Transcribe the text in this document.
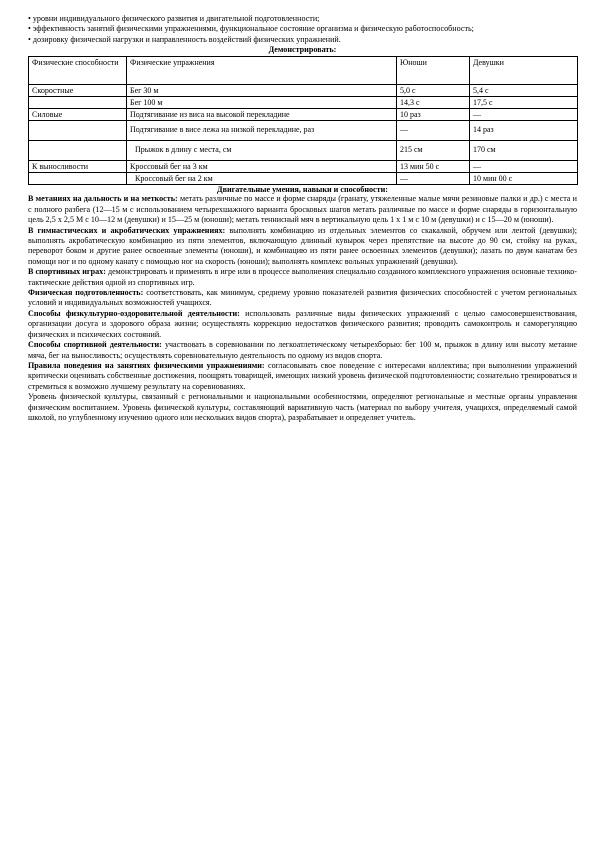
• уровни индивидуального физического развития и двигательной подготовленности;

• эффективность занятий физическими упражнениями, функциональное состояние организма и физическую работоспособность;

• дозировку физической нагрузки и направленность воздействий физических упражнений.

Демонстрировать:

Физические способности	Физические упражнения	Юноши	Девушки
Скоростные	Бег 30 м	5,0 с	5,4 с
	Бег 100 м	14,3 с	17,5 с
Силовые	Подтягивание из виса на высокой перекладине	10 раз	—
	Подтягивание в висе лежа на низкой перекладине, раз	—	14 раз
	Прыжок в длину с места, см	215 см	170 см
К выносливости	Кроссовый бег на 3 км	13 мин 50 с	—
	Кроссовый бег на 2 км	—	10 мин 00 с

Двигательные умения, навыки и способности:

В метаниях на дальность и на меткость: метать различные по массе и форме снаряды (гранату, утяжеленные малые мячи резиновые палки и др.) с места и с полного разбега (12—15 м с использованием четырехшажного варианта бросковых шагов метать различные по массе и форме снаряды в горизонтальную цель 2,5 х 2,5 М с 10—12 м (девушки) и 15—25 м (юноши); метать теннисный мяч в вертикальную цель 1 х 1 м с 10 м (девушки) и с 15—20 м (юноши).

В гимнастических и акробатических упражнениях: выполнять комбинацию из отдельных элементов со скакалкой, обручем или лентой (девушки); выполнять акробатическую комбинацию из пяти элементов, включающую длинный кувырок через препятствие на высоте до 90 см, стойку на руках, переворот боком и другие ранее освоенные элементы (юноши), и комбинацию из пяти ранее освоенных элементов (девушки); лазать по двум канатам без помощи ног и по одному канату с помощью ног на скорость (юноши); выполнять комплекс вольных упражнений (девушки).

В спортивных играх: демонстрировать и применять в игре или в процессе выполнения специально созданного комплексного упражнения основные технико-тактические действия одной из спортивных игр.

Физическая подготовленность: соответствовать, как минимум, среднему уровню показателей развития физических способностей с учетом региональных условий и индивидуальных возможностей учащихся.

Способы физкультурно-оздоровительной деятельности: использовать различные виды физических упражнений с целью самосовершенствования, организации досуга и здорового образа жизни; осуществлять коррекцию недостатков физического развития; проводить самоконтроль и саморегуляцию физических и психических состояний.

Способы спортивной деятельности: участвовать в соревновании по легкоатлетическому четырехборью: бег 100 м, прыжок в длину или высоту метание мяча, бег на выносливость; осуществлять соревновательную деятельность по одному из видов спорта.

Правила поведения на занятиях физическими упражнениями: согласовывать свое поведение с интересами коллектива; при выполнении упражнений критически оценивать собственные достижения, поощрять товарищей, имеющих низкий уровень физической подготовленности; сознательно тренироваться и стремиться к возможно лучшему результату на соревнованиях.

Уровень физической культуры, связанный с региональными и национальными особенностями, определяют региональные и местные органы управления физическим воспитанием. Уровень физической культуры, составляющий вариативную часть (материал по выбору учителя, учащихся, определяемый самой школой, по углубленному изучению одного или нескольких видов спорта), разрабатывает и определяет учитель.
